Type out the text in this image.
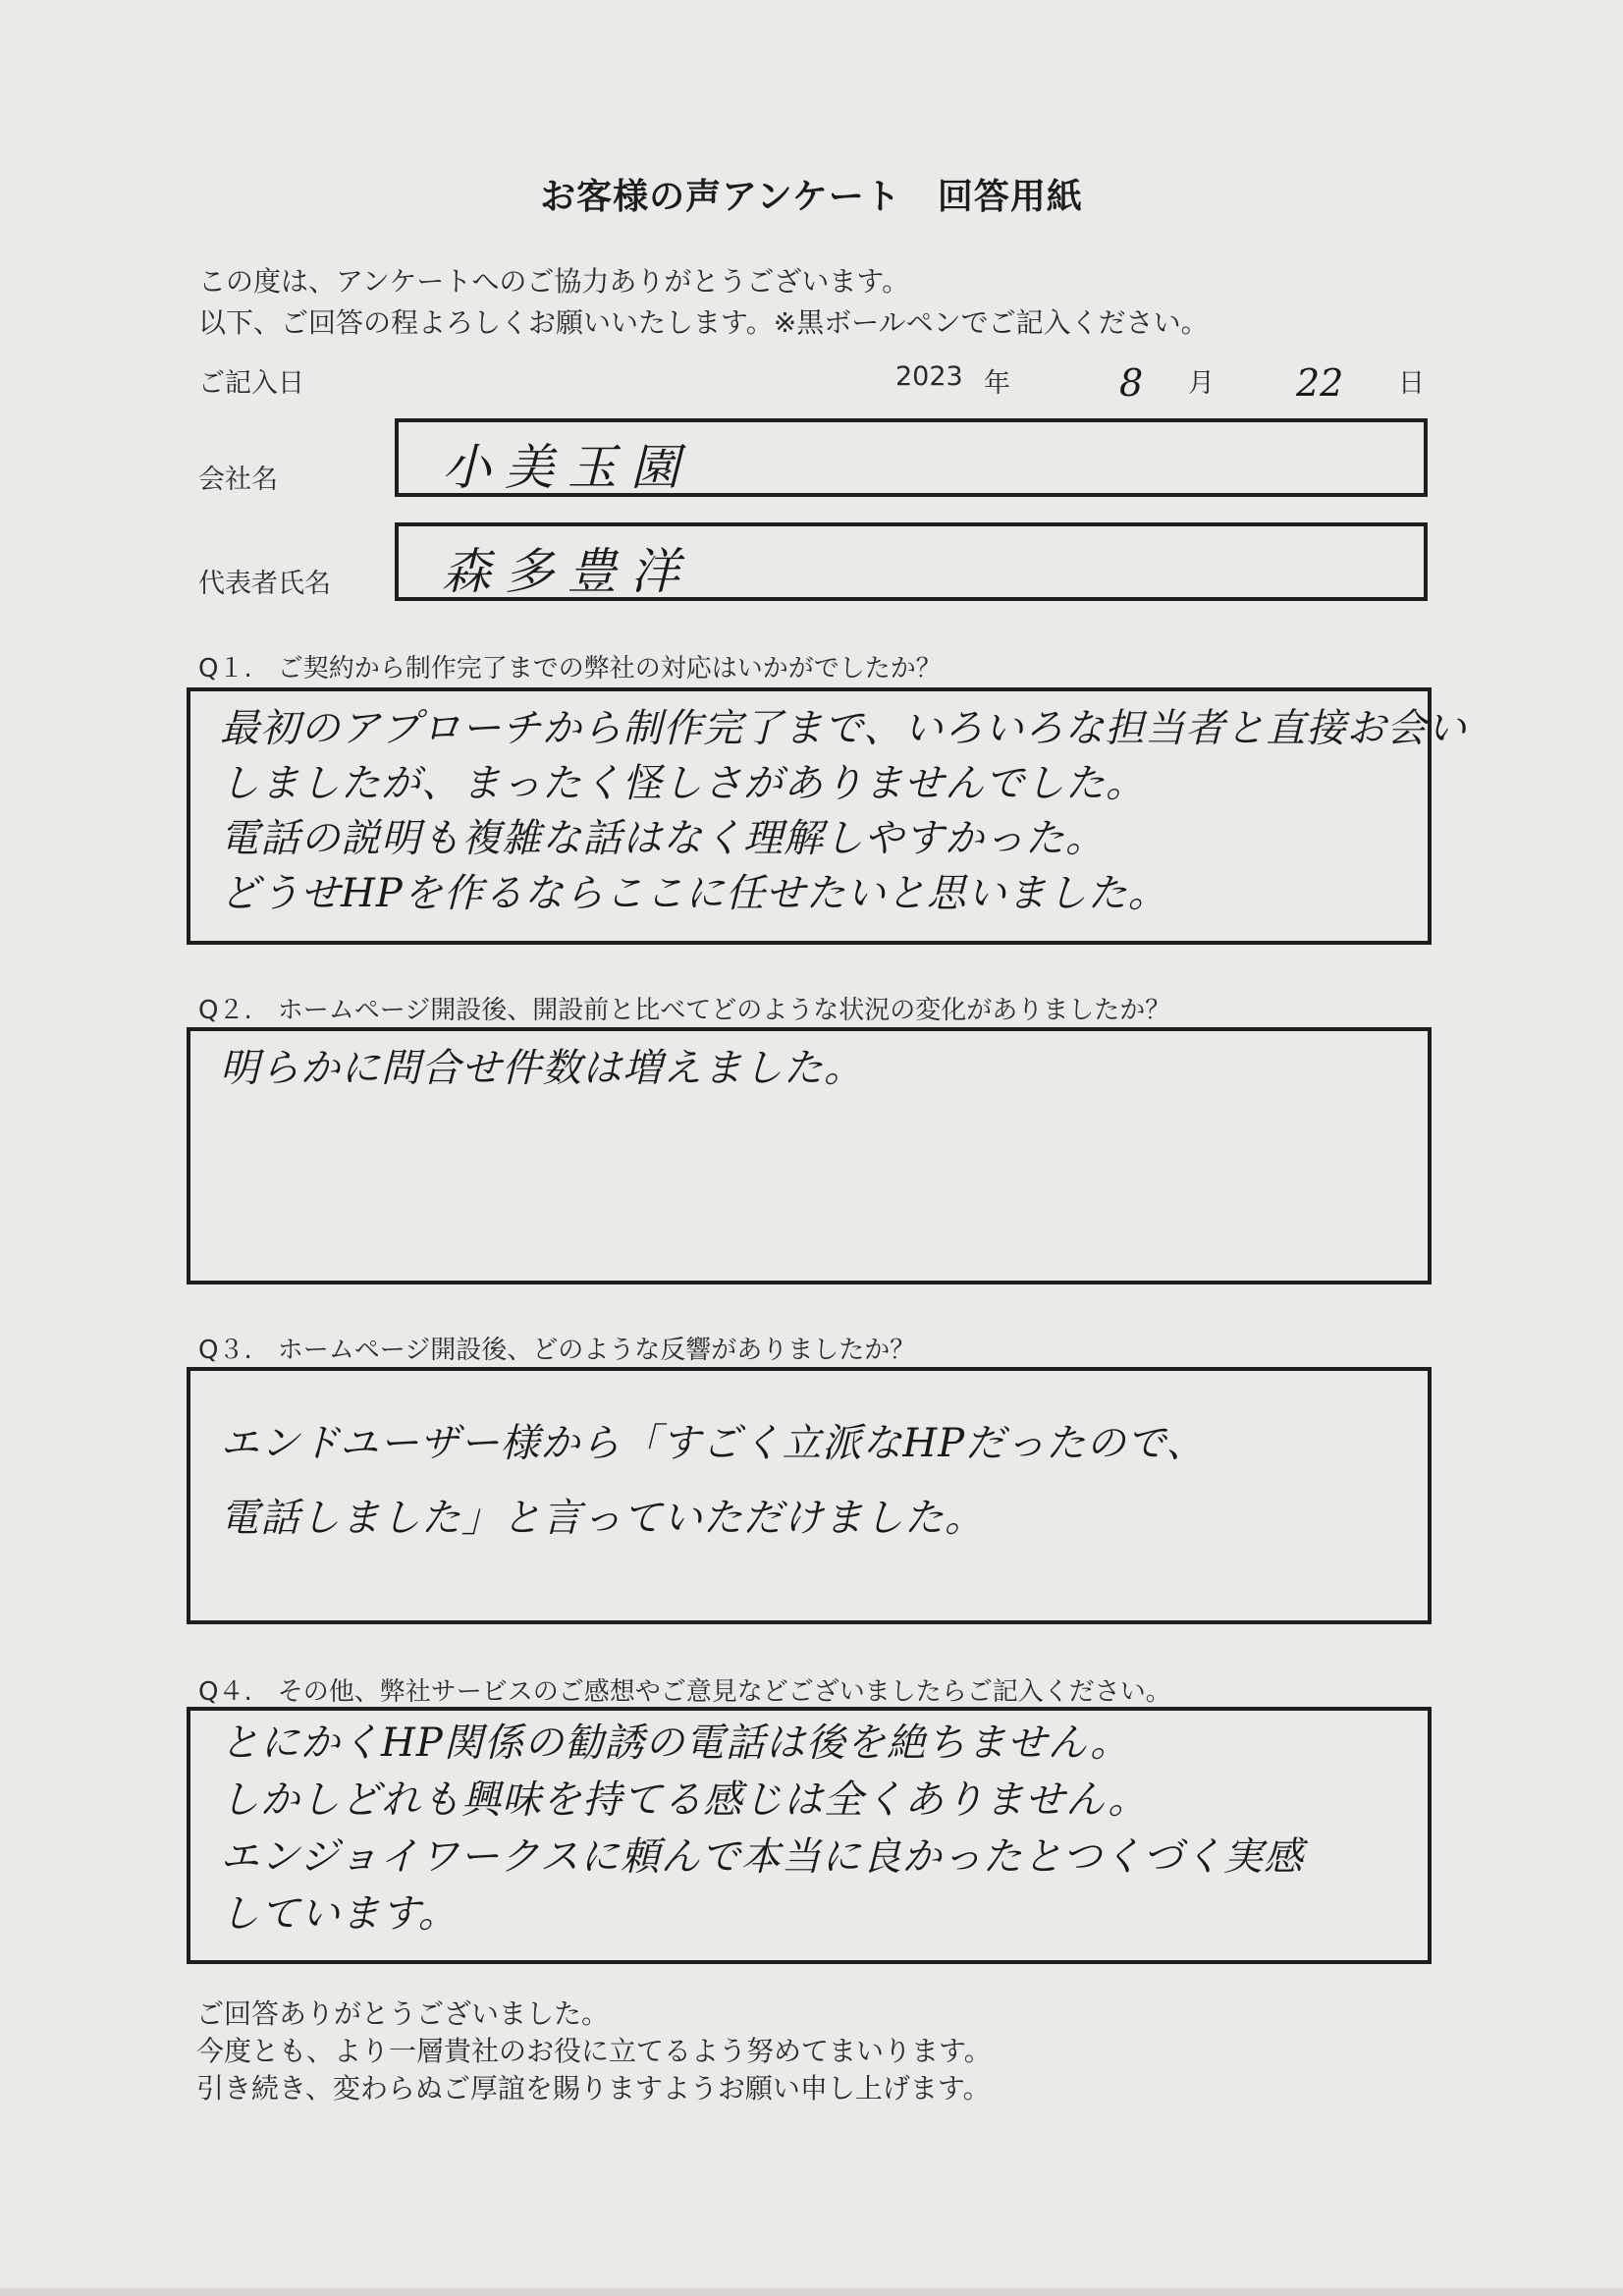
お客様の声アンケート　回答用紙
この度は、アンケートへのご協力ありがとうございます。
以下、ご回答の程よろしくお願いいたします。※黒ボールペンでご記入ください。
ご記入日	2023 年	8 月 22 日
会社名	小美玉園
代表者氏名 森多豊洋
Q１.　ご契約から制作完了までの弊社の対応はいかがでしたか？
最初のアプローチから制作完了まで、いろいろな担当者と直接お会い
しましたが、まったく怪しさがありませんでした。
電話の説明も複雑な話はなく理解しやすかった。
どうせHPを作るならここに任せたいと思いました。
Q２.　ホームページ開設後、開設前と比べてどのような状況の変化がありましたか？
明らかに問合せ件数は増えました。
Q３.　ホームページ開設後、どのような反響がありましたか？
エンドユーザー様から「すごく立派なHPだったので、
電話しました」と言っていただけました。
Q４.　その他、弊社サービスのご感想やご意見などございましたらご記入ください。
とにかくHP関係の勧誘の電話は後を絶ちません。
しかしどれも興味を持てる感じは全くありません。
エンジョイワークスに頼んで本当に良かったとつくづく実感
しています。
ご回答ありがとうございました。
今度とも、より一層貴社のお役に立てるよう努めてまいります。
引き続き、変わらぬご厚誼を賜りますようお願い申し上げます。
